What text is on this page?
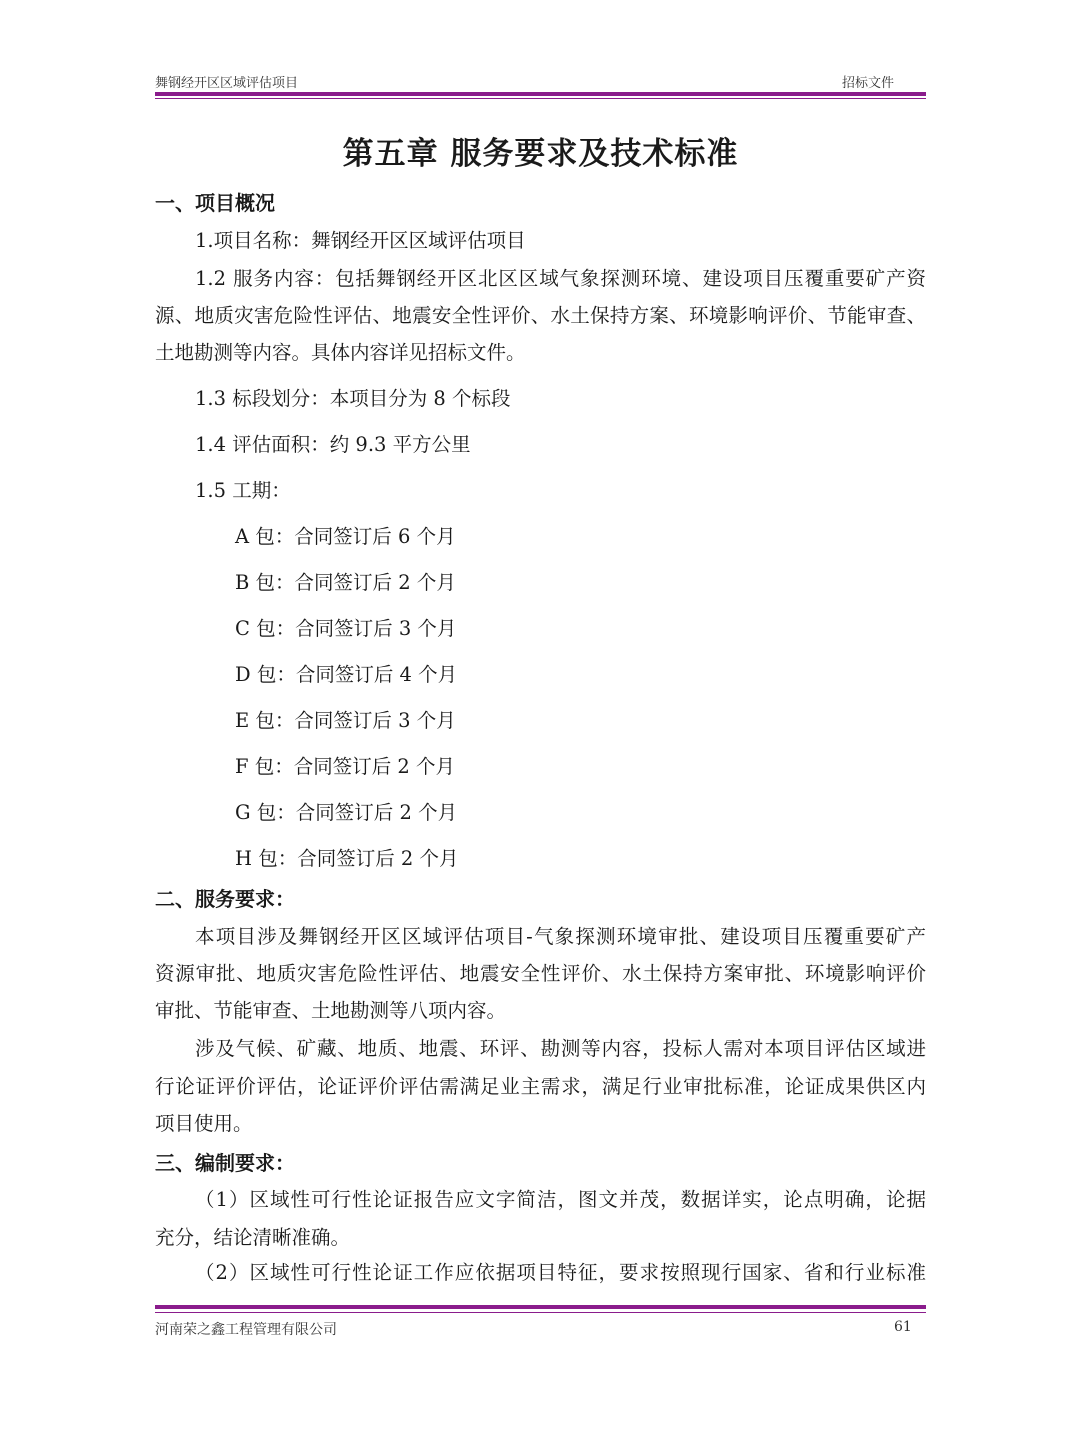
舞钢经开区区域评估项目	招标文件
第五章 服务要求及技术标准
一、项目概况
1.项目名称：舞钢经开区区域评估项目
1.2 服务内容：包括舞钢经开区北区区域气象探测环境、建设项目压覆重要矿产资
源、地质灾害危险性评估、地震安全性评价、水土保持方案、环境影响评价、节能审查、
土地勘测等内容。具体内容详见招标文件。
1.3 标段划分：本项目分为 8 个标段
1.4 评估面积：约 9.3 平方公里
1.5 工期：
A 包：合同签订后 6 个月
B 包：合同签订后 2 个月
C 包：合同签订后 3 个月
D 包：合同签订后 4 个月
E 包：合同签订后 3 个月
F 包：合同签订后 2 个月
G 包：合同签订后 2 个月
H 包：合同签订后 2 个月
二、服务要求：
本项目涉及舞钢经开区区域评估项目-气象探测环境审批、建设项目压覆重要矿产
资源审批、地质灾害危险性评估、地震安全性评价、水土保持方案审批、环境影响评价
审批、节能审查、土地勘测等八项内容。
涉及气候、矿藏、地质、地震、环评、勘测等内容，投标人需对本项目评估区域进
行论证评价评估，论证评价评估需满足业主需求，满足行业审批标准，论证成果供区内
项目使用。
三、编制要求：
（1）区域性可行性论证报告应文字简洁，图文并茂，数据详实，论点明确，论据
充分，结论清晰准确。
（2）区域性可行性论证工作应依据项目特征，要求按照现行国家、省和行业标准
河南荣之鑫工程管理有限公司	61
